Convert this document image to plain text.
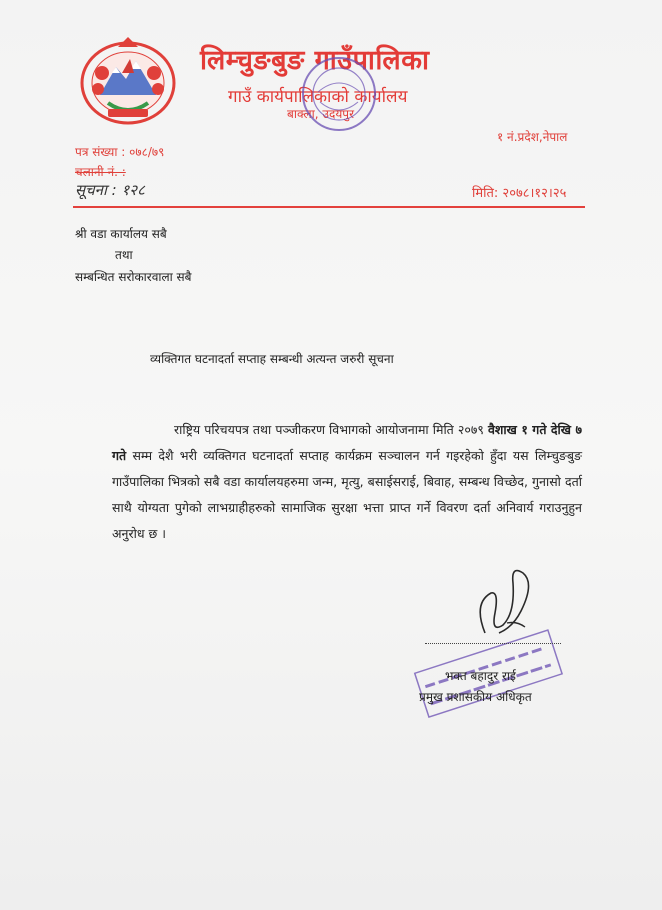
लिम्चुङबुङ गाउँपालिका
गाउँ कार्यपालिकाको कार्यालय
बाक्ला, उदयपुर
१ नं.प्रदेश,नेपाल
पत्र संख्या : ०७८/७९
चलानी नं. :
सूचना : १२८	मिति: २०७८।१२।२५
श्री वडा कार्यालय सबै
तथा
सम्बन्धित सरोकारवाला सबै
व्यक्तिगत घटनादर्ता सप्ताह सम्बन्धी अत्यन्त जरुरी सूचना
राष्ट्रिय परिचयपत्र तथा पञ्जीकरण विभागको आयोजनामा मिति २०७९ वैशाख १ गते देखि ७ गते सम्म देशै भरी व्यक्तिगत घटनादर्ता सप्ताह कार्यक्रम सञ्चालन गर्न गइरहेको हुँदा यस लिम्चुङबुङ गाउँपालिका भित्रको सबै वडा कार्यालयहरुमा जन्म, मृत्यु, बसाईसराई, बिवाह, सम्बन्ध विच्छेद, गुनासो दर्ता साथै योग्यता पुगेको लाभग्राहीहरुको सामाजिक सुरक्षा भत्ता प्राप्त गर्ने विवरण दर्ता अनिवार्य गराउनुहुन अनुरोध छ ।
भक्त बहादुर राई
प्रमुख प्रशासकीय अधिकृत
